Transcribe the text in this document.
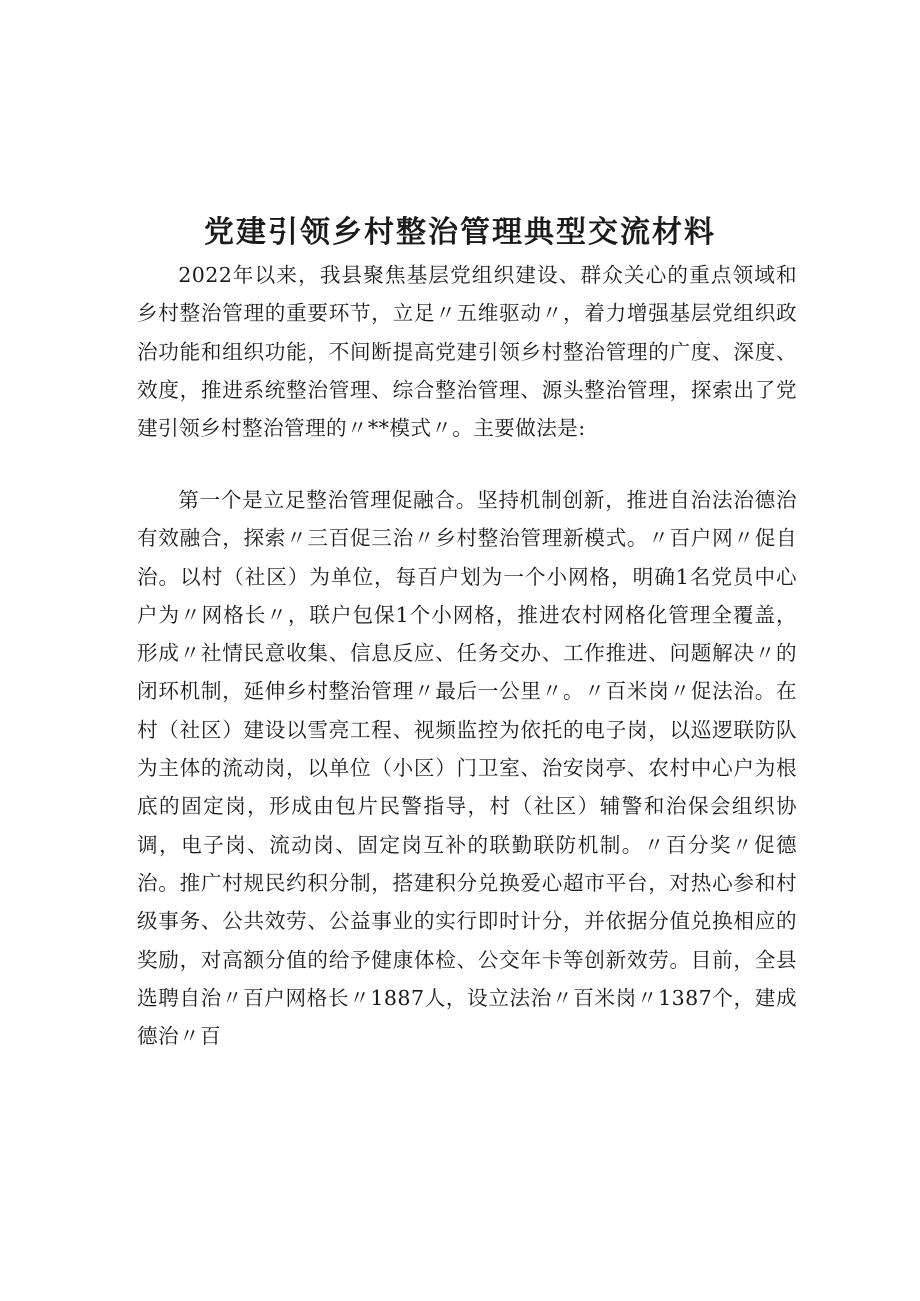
党建引领乡村整治管理典型交流材料

2022年以来，我县聚焦基层党组织建设、群众关心的重点领域和乡村整治管理的重要环节，立足〃五维驱动〃，着力增强基层党组织政治功能和组织功能，不间断提高党建引领乡村整治管理的广度、深度、效度，推进系统整治管理、综合整治管理、源头整治管理，探索出了党建引领乡村整治管理的〃**模式〃。主要做法是:

第一个是立足整治管理促融合。坚持机制创新，推进自治法治德治有效融合，探索〃三百促三治〃乡村整治管理新模式。〃百户网〃促自治。以村（社区）为单位，每百户划为一个小网格，明确1名党员中心户为〃网格长〃，联户包保1个小网格，推进农村网格化管理全覆盖，形成〃社情民意收集、信息反应、任务交办、工作推进、问题解决〃的闭环机制，延伸乡村整治管理〃最后一公里〃。〃百米岗〃促法治。在村（社区）建设以雪亮工程、视频监控为依托的电子岗，以巡逻联防队为主体的流动岗，以单位（小区）门卫室、治安岗亭、农村中心户为根底的固定岗，形成由包片民警指导，村（社区）辅警和治保会组织协调，电子岗、流动岗、固定岗互补的联勤联防机制。〃百分奖〃促德治。推广村规民约积分制，搭建积分兑换爱心超市平台，对热心参和村级事务、公共效劳、公益事业的实行即时计分，并依据分值兑换相应的奖励，对高额分值的给予健康体检、公交年卡等创新效劳。目前，全县选聘自治〃百户网格长〃1887人，设立法治〃百米岗〃1387个，建成德治〃百
